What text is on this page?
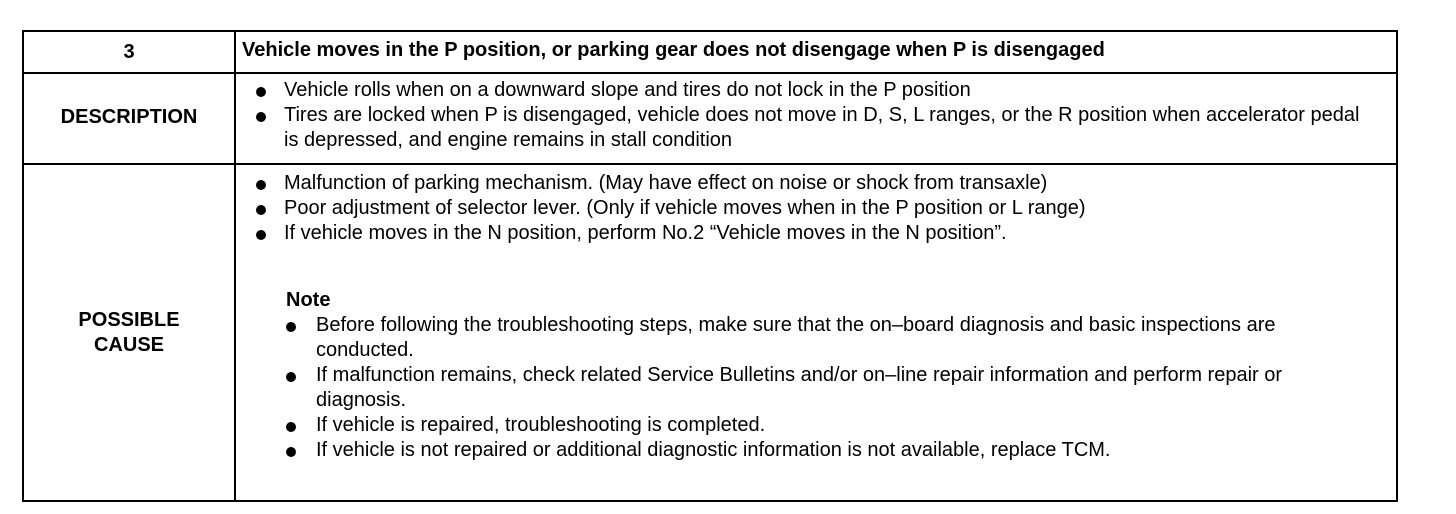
3	Vehicle moves in the P position, or parking gear does not disengage when P is disengaged
DESCRIPTION
Vehicle rolls when on a downward slope and tires do not lock in the P position
Tires are locked when P is disengaged, vehicle does not move in D, S, L ranges, or the R position when accelerator pedal is depressed, and engine remains in stall condition
POSSIBLE
CAUSE
Malfunction of parking mechanism. (May have effect on noise or shock from transaxle)
Poor adjustment of selector lever. (Only if vehicle moves when in the P position or L range)
If vehicle moves in the N position, perform No.2 “Vehicle moves in the N position”.
Note
Before following the troubleshooting steps, make sure that the on–board diagnosis and basic inspections are conducted.
If malfunction remains, check related Service Bulletins and/or on–line repair information and perform repair or diagnosis.
If vehicle is repaired, troubleshooting is completed.
If vehicle is not repaired or additional diagnostic information is not available, replace TCM.
